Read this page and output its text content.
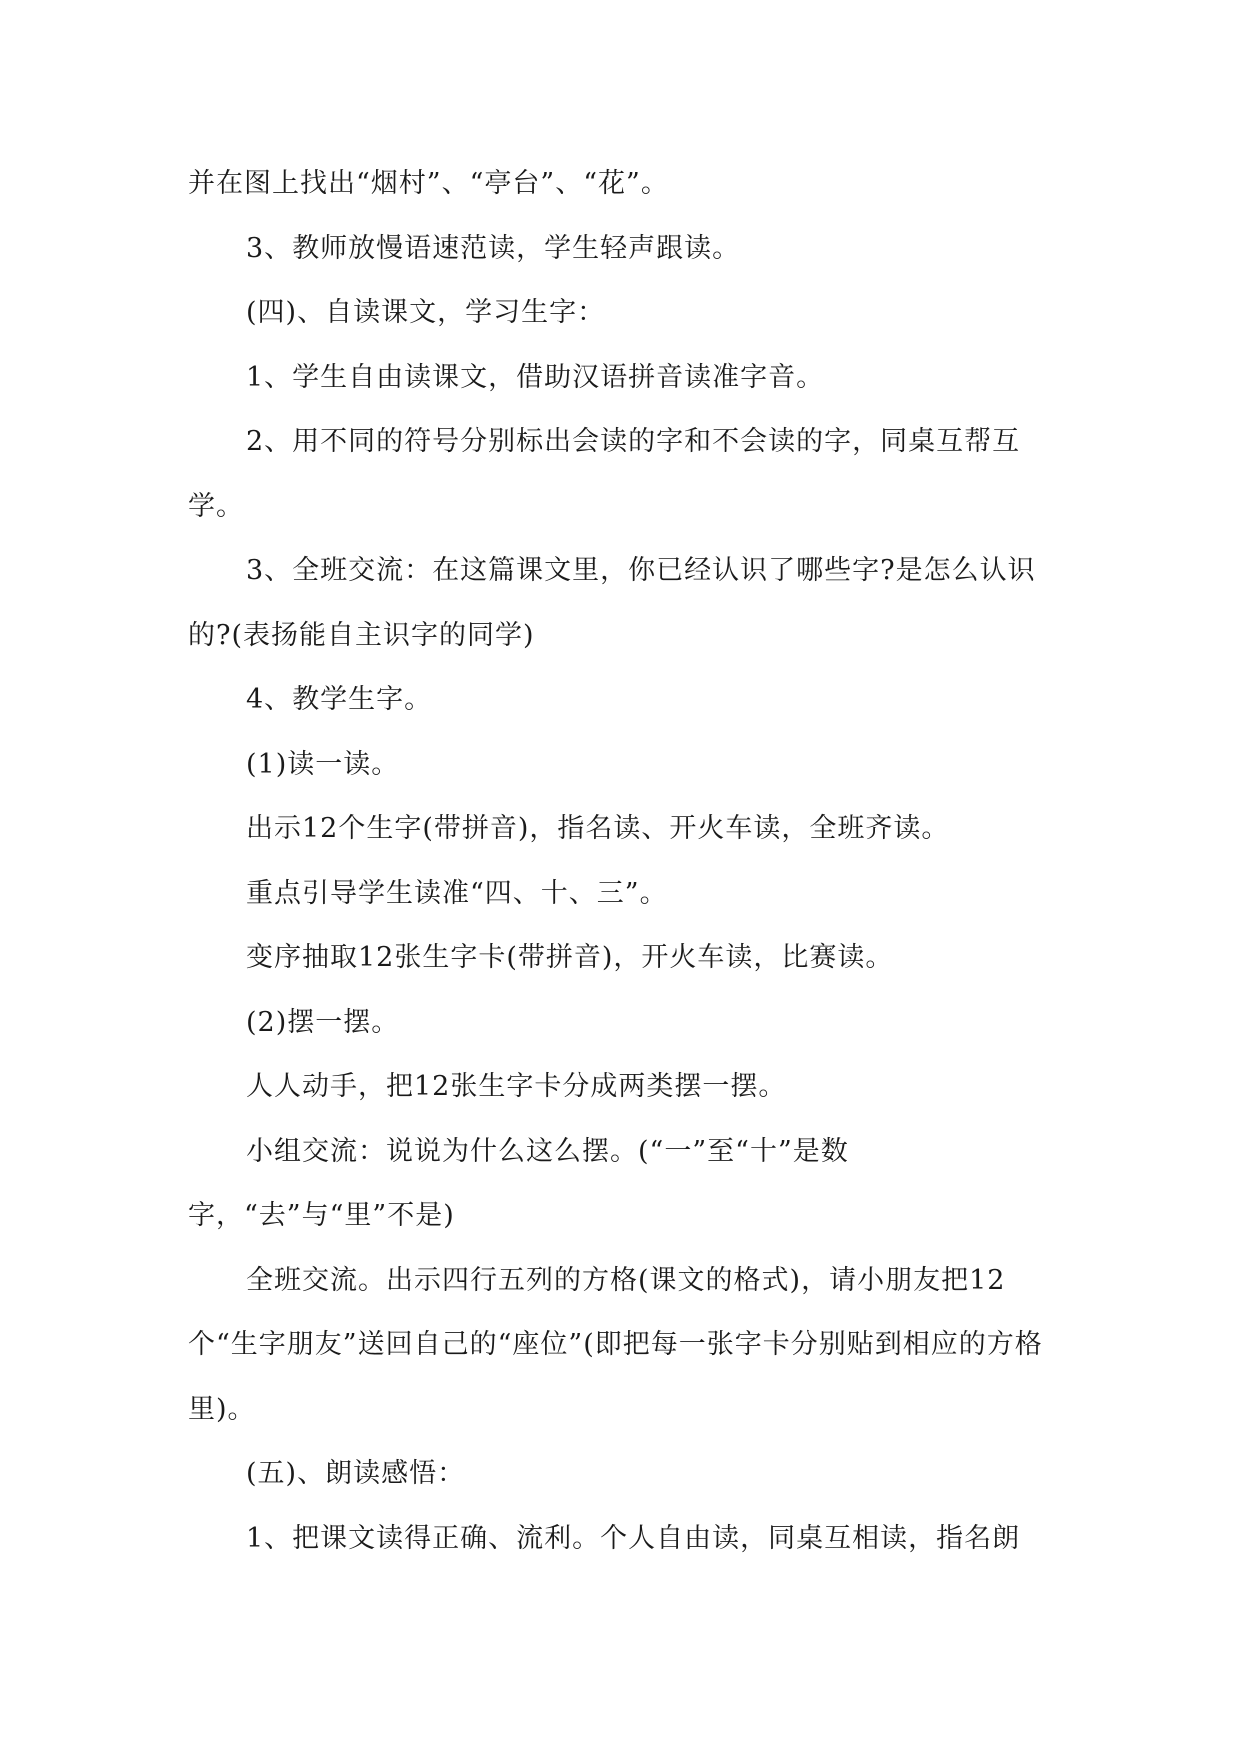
并在图上找出“烟村”、“亭台”、“花”。

3、教师放慢语速范读，学生轻声跟读。

(四)、自读课文，学习生字：

1、学生自由读课文，借助汉语拼音读准字音。

2、用不同的符号分别标出会读的字和不会读的字，同桌互帮互学。

3、全班交流：在这篇课文里，你已经认识了哪些字?是怎么认识的?(表扬能自主识字的同学)

4、教学生字。

(1)读一读。

出示12个生字(带拼音)，指名读、开火车读，全班齐读。

重点引导学生读准“四、十、三”。

变序抽取12张生字卡(带拼音)，开火车读，比赛读。

(2)摆一摆。

人人动手，把12张生字卡分成两类摆一摆。

小组交流：说说为什么这么摆。(“一”至“十”是数字，“去”与“里”不是)

全班交流。出示四行五列的方格(课文的格式)，请小朋友把12个“生字朋友”送回自己的“座位”(即把每一张字卡分别贴到相应的方格里)。

(五)、朗读感悟：

1、把课文读得正确、流利。个人自由读，同桌互相读，指名朗
